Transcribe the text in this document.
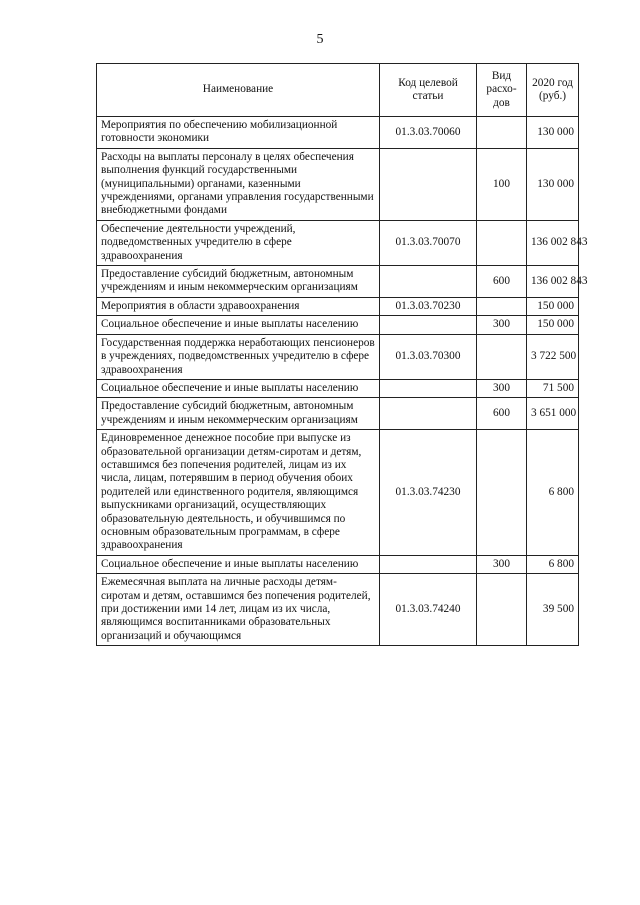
5
Наименование	Код целевой статьи	Вид расхо-дов	2020 год (руб.)
Мероприятия по обеспечению мобилизационной готовности экономики	01.3.03.70060		130 000
Расходы на выплаты персоналу в целях обеспечения выполнения функций государственными (муниципальными) органами, казенными учреждениями, органами управления государственными внебюджетными фондами		100	130 000
Обеспечение деятельности учреждений, подведомственных учредителю в сфере здравоохранения	01.3.03.70070		136 002 843
Предоставление субсидий бюджетным, автономным учреждениям и иным некоммерческим организациям		600	136 002 843
Мероприятия в области здравоохранения	01.3.03.70230		150 000
Социальное обеспечение и иные выплаты населению		300	150 000
Государственная поддержка неработающих пенсионеров в учреждениях, подведомственных учредителю в сфере здравоохранения	01.3.03.70300		3 722 500
Социальное обеспечение и иные выплаты населению		300	71 500
Предоставление субсидий бюджетным, автономным учреждениям и иным некоммерческим организациям		600	3 651 000
Единовременное денежное пособие при выпуске из образовательной организации детям-сиротам и детям, оставшимся без попечения родителей, лицам из их числа, лицам, потерявшим в период обучения обоих родителей или единственного родителя, являющимся выпускниками организаций, осуществляющих образовательную деятельность, и обучившимся по основным образовательным программам, в сфере здравоохранения	01.3.03.74230		6 800
Социальное обеспечение и иные выплаты населению		300	6 800
Ежемесячная выплата на личные расходы детям-сиротам и детям, оставшимся без попечения родителей, при достижении ими 14 лет, лицам из их числа, являющимся воспитанниками образовательных организаций и обучающимся	01.3.03.74240		39 500
